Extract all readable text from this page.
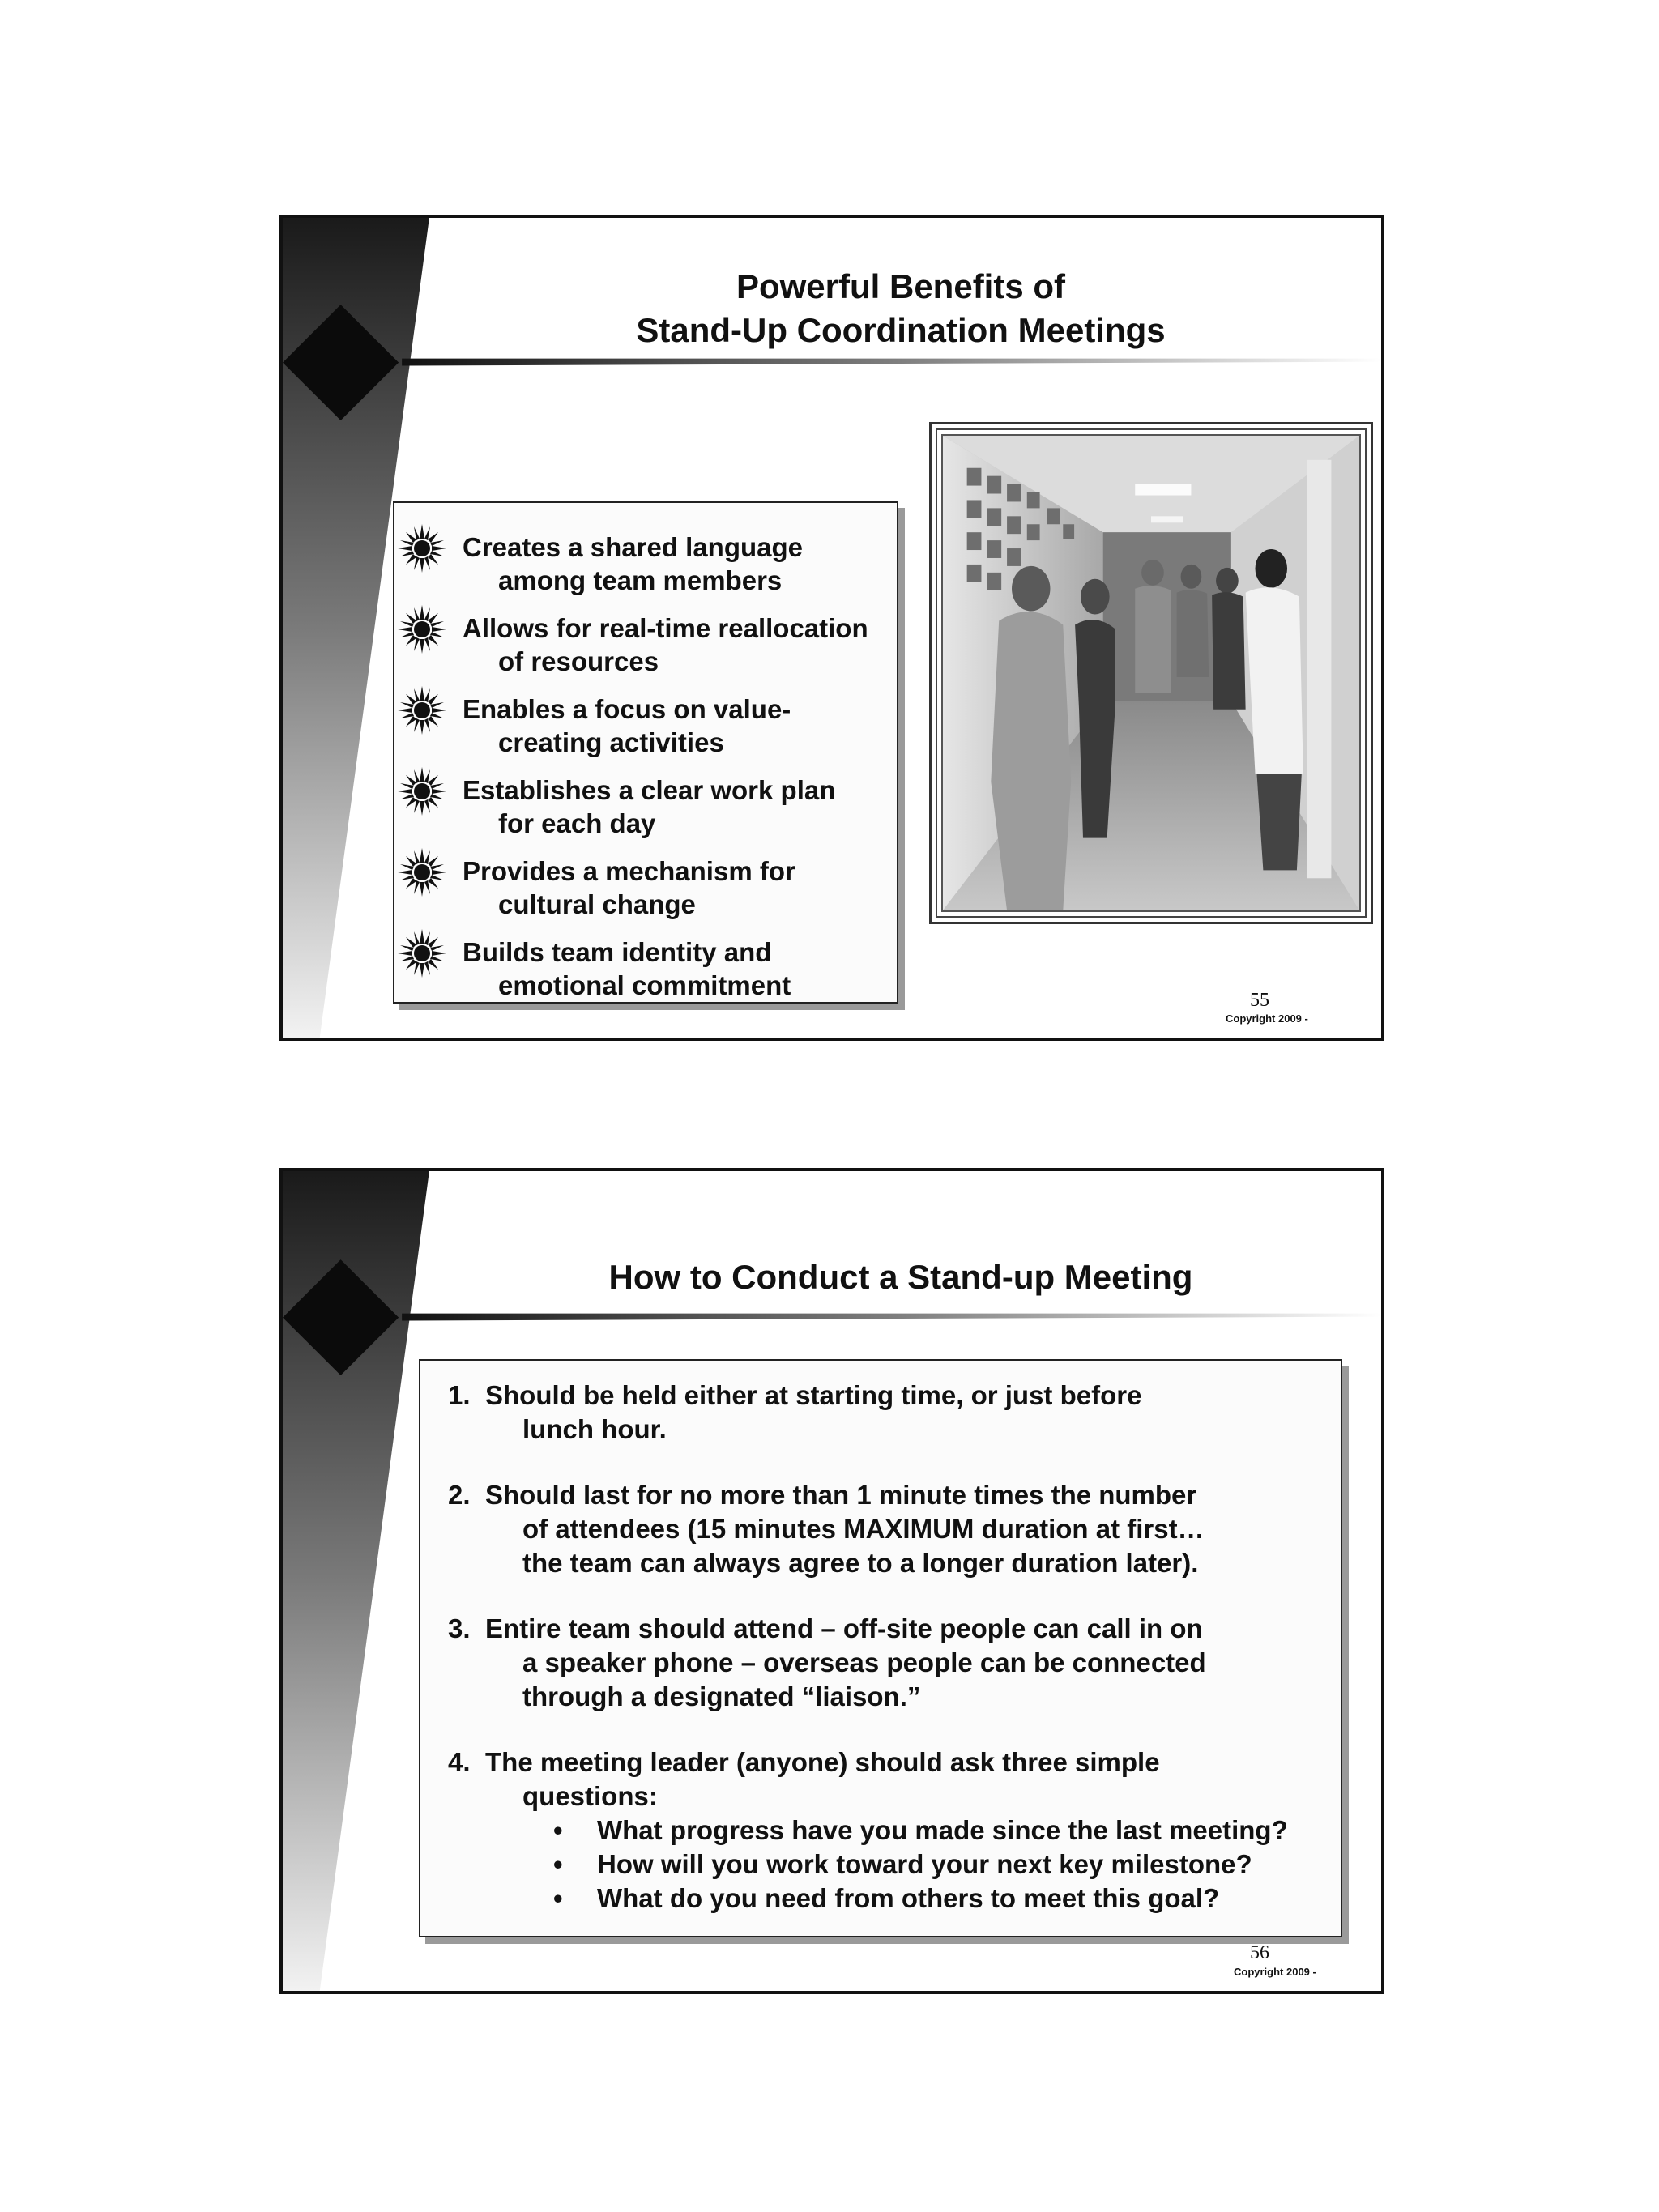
Powerful Benefits of
Stand-Up Coordination Meetings
Creates a shared language
among team members
Allows for real-time reallocation
of resources
Enables a focus on value-
creating activities
Establishes a clear work plan
for each day
Provides a mechanism for
cultural change
Builds team identity and
emotional commitment	55
Copyright 2009 -
How to Conduct a Stand-up Meeting
1. Should be held either at starting time, or just before
lunch hour.
2. Should last for no more than 1 minute times the number
of attendees (15 minutes MAXIMUM duration at first…
the team can always agree to a longer duration later).
3. Entire team should attend – off-site people can call in on
a speaker phone – overseas people can be connected
through a designated “liaison.”
4. The meeting leader (anyone) should ask three simple
questions:
• What progress have you made since the last meeting?
• How will you work toward your next key milestone?
• What do you need from others to meet this goal?
56
Copyright 2009 -
